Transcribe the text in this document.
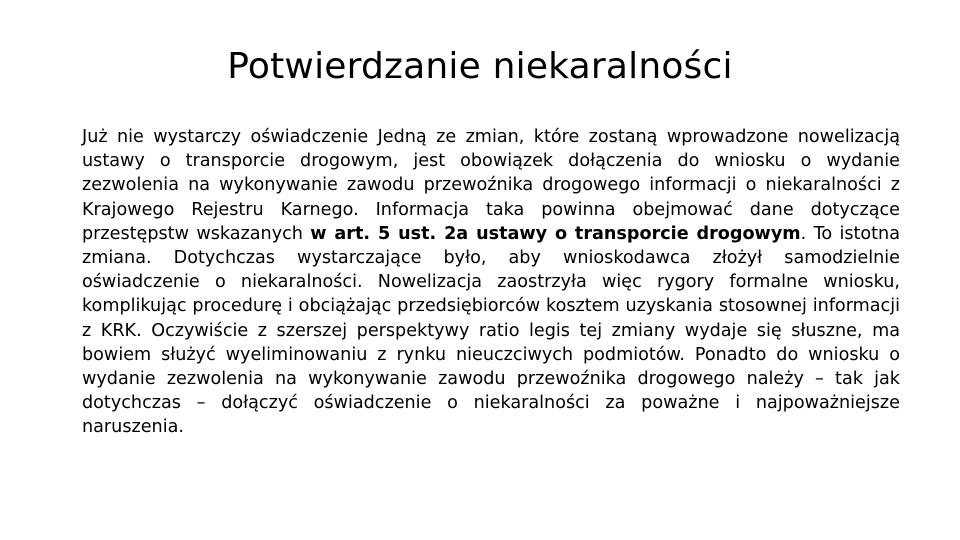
Potwierdzanie niekaralności

Już nie wystarczy oświadczenie Jedną ze zmian, które zostaną wprowadzone nowelizacją ustawy o transporcie drogowym, jest obowiązek dołączenia do wniosku o wydanie zezwolenia na wykonywanie zawodu przewoźnika drogowego informacji o niekaralności z Krajowego Rejestru Karnego. Informacja taka powinna obejmować dane dotyczące przestępstw wskazanych w art. 5 ust. 2a ustawy o transporcie drogowym. To istotna zmiana. Dotychczas wystarczające było, aby wnioskodawca złożył samodzielnie oświadczenie o niekaralności. Nowelizacja zaostrzyła więc rygory formalne wniosku, komplikując procedurę i obciążając przedsiębiorców kosztem uzyskania stosownej informacji z KRK. Oczywiście z szerszej perspektywy ratio legis tej zmiany wydaje się słuszne, ma bowiem służyć wyeliminowaniu z rynku nieuczciwych podmiotów. Ponadto do wniosku o wydanie zezwolenia na wykonywanie zawodu przewoźnika drogowego należy – tak jak dotychczas – dołączyć oświadczenie o niekaralności za poważne i najpoważniejsze naruszenia.
